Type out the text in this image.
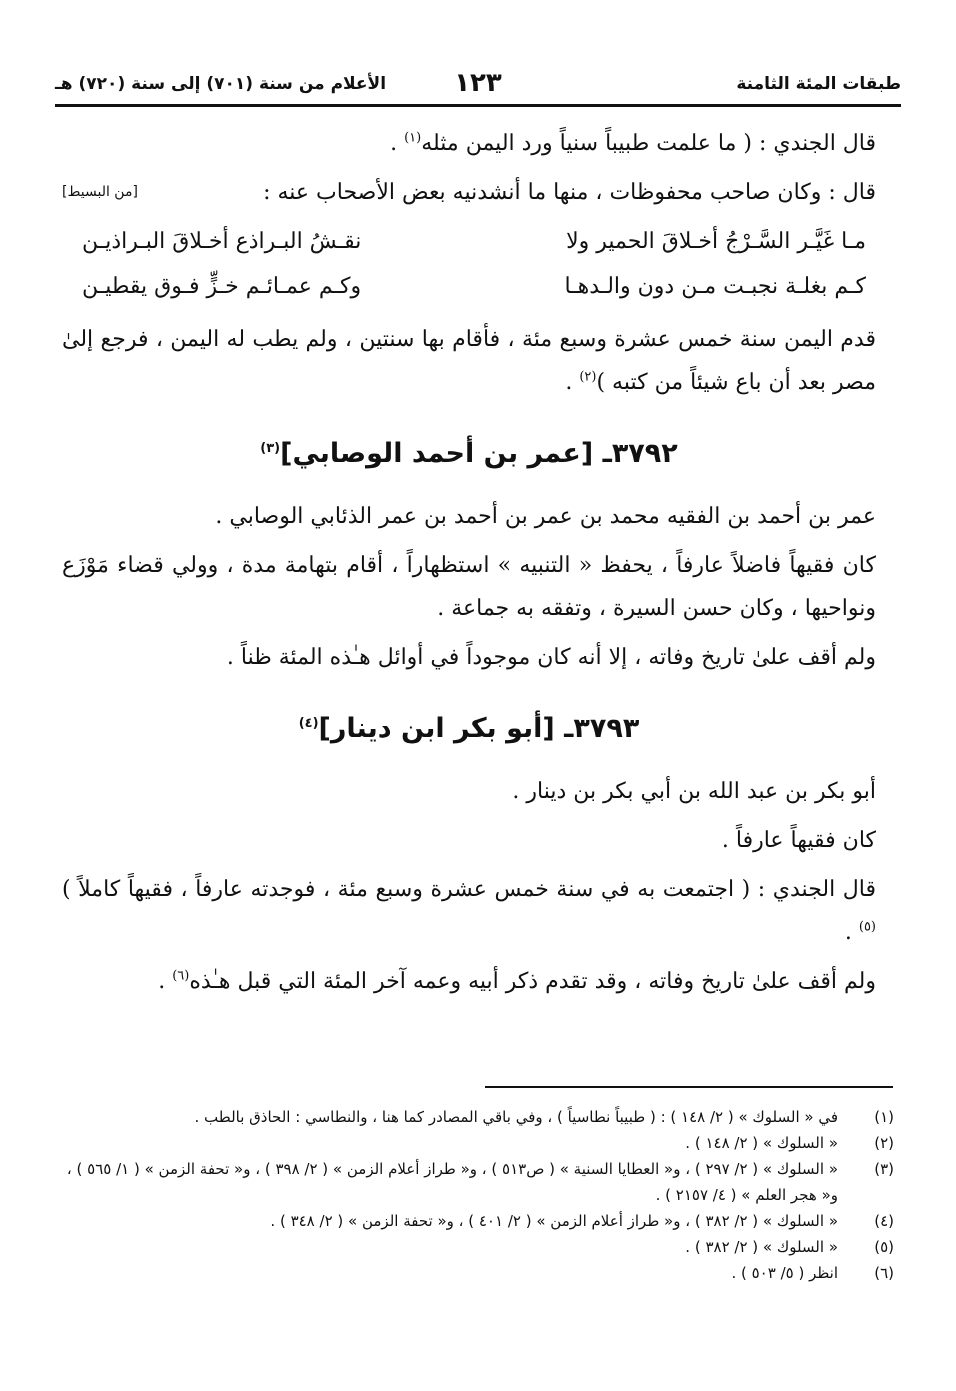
طبقات المئة الثامنة
١٢٣
الأعلام من سنة (٧٠١) إلى سنة (٧٢٠) هـ

قال الجندي : ( ما علمت طبيباً سنياً ورد اليمن مثله$^{(١)}$ .

[من البسيط]	قال : وكان صاحب محفوظات ، منها ما أنشدنيه بعض الأصحاب عنه :

مـا غَيَّـر السَّـرْجُ أخـلاقَ الحمير ولا
نقـشُ البـراذع أخـلاقَ البـراذيـن
كـم بغلـة نجبـت مـن دون والـدهـا
وكـم عمـائـم خـزٍّ فـوق يقطيـن

قدم اليمن سنة خمس عشرة وسبع مئة ، فأقام بها سنتين ، ولم يطب له اليمن ، فرجع إلىٰ مصر بعد أن باع شيئاً من كتبه )$^{(٢)}$ .

٣٧٩٢ـ [عمر بن أحمد الوصابي]$^{(٣)}$

عمر بن أحمد بن الفقيه محمد بن عمر بن أحمد بن عمر الذئابي الوصابي .

كان فقيهاً فاضلاً عارفاً ، يحفظ « التنبيه » استظهاراً ، أقام بتهامة مدة ، وولي قضاء مَوْزَع ونواحيها ، وكان حسن السيرة ، وتفقه به جماعة .

ولم أقف علىٰ تاريخ وفاته ، إلا أنه كان موجوداً في أوائل هـٰذه المئة ظناً .

٣٧٩٣ـ [أبو بكر ابن دينار]$^{(٤)}$

أبو بكر بن عبد الله بن أبي بكر بن دينار .

كان فقيهاً عارفاً .

قال الجندي : ( اجتمعت به في سنة خمس عشرة وسبع مئة ، فوجدته عارفاً ، فقيهاً كاملاً )$^{(٥)}$ .

ولم أقف علىٰ تاريخ وفاته ، وقد تقدم ذكر أبيه وعمه آخر المئة التي قبل هـٰذه$^{(٦)}$ .

(١)
في « السلوك » ( ٢/ ١٤٨ ) : ( طبيباً نطاسياً ) ، وفي باقي المصادر كما هنا ، والنطاسي : الحاذق بالطب .
(٢)
« السلوك » ( ٢/ ١٤٨ ) .
(٣)
« السلوك » ( ٢/ ٢٩٧ ) ، و« العطايا السنية » ( ص٥١٣ ) ، و« طراز أعلام الزمن » ( ٢/ ٣٩٨ ) ، و« تحفة الزمن » ( ١/ ٥٦٥ ) ، و« هجر العلم » ( ٤/ ٢١٥٧ ) .
(٤)
« السلوك » ( ٢/ ٣٨٢ ) ، و« طراز أعلام الزمن » ( ٢/ ٤٠١ ) ، و« تحفة الزمن » ( ٢/ ٣٤٨ ) .
(٥)
« السلوك » ( ٢/ ٣٨٢ ) .
(٦)
انظر ( ٥/ ٥٠٣ ) .
